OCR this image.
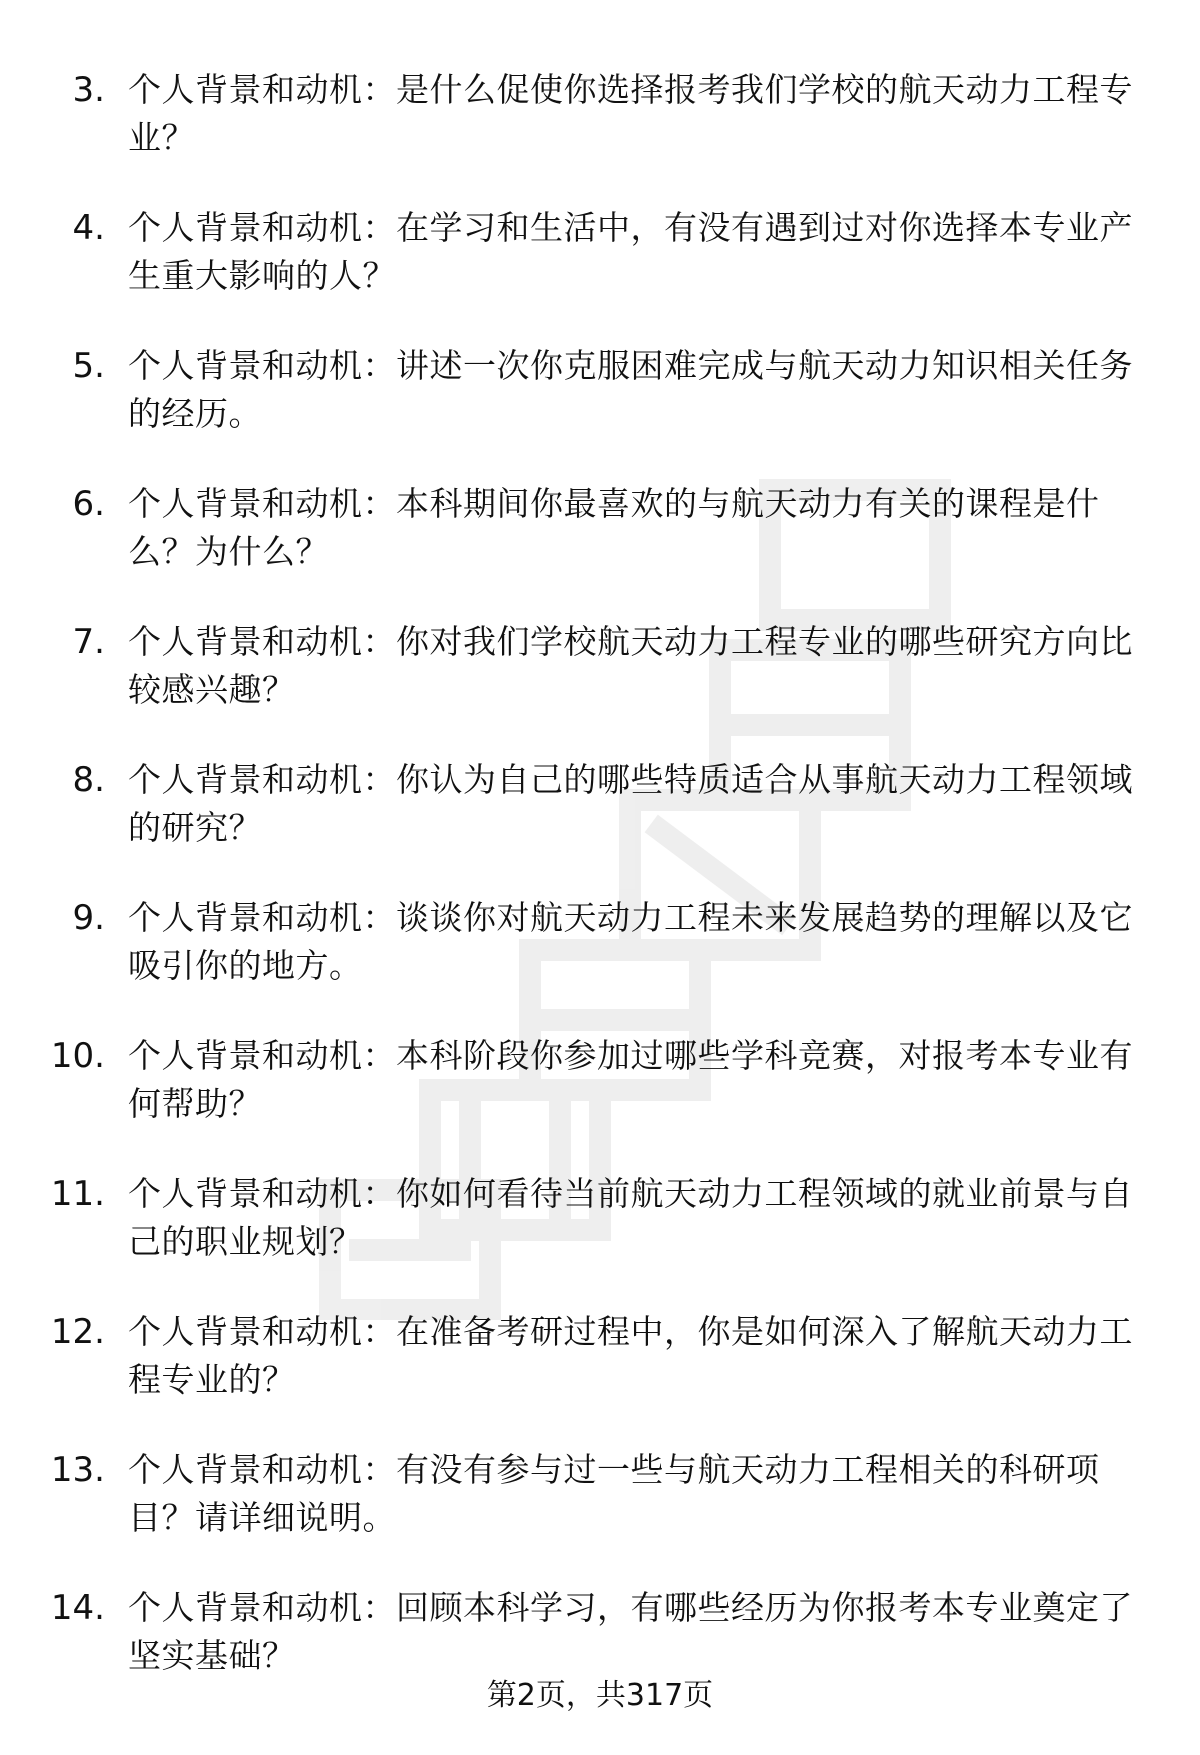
3. 个人背景和动机：是什么促使你选择报考我们学校的航天动力工程专业？
4. 个人背景和动机：在学习和生活中，有没有遇到过对你选择本专业产生重大影响的人？
5. 个人背景和动机：讲述一次你克服困难完成与航天动力知识相关任务的经历。
6. 个人背景和动机：本科期间你最喜欢的与航天动力有关的课程是什么？为什么？
7. 个人背景和动机：你对我们学校航天动力工程专业的哪些研究方向比较感兴趣？
8. 个人背景和动机：你认为自己的哪些特质适合从事航天动力工程领域的研究？
9. 个人背景和动机：谈谈你对航天动力工程未来发展趋势的理解以及它吸引你的地方。
10. 个人背景和动机：本科阶段你参加过哪些学科竞赛，对报考本专业有何帮助？
11. 个人背景和动机：你如何看待当前航天动力工程领域的就业前景与自己的职业规划？
12. 个人背景和动机：在准备考研过程中，你是如何深入了解航天动力工程专业的？
13. 个人背景和动机：有没有参与过一些与航天动力工程相关的科研项目？请详细说明。
14. 个人背景和动机：回顾本科学习，有哪些经历为你报考本专业奠定了坚实基础？
第2页，共317页
